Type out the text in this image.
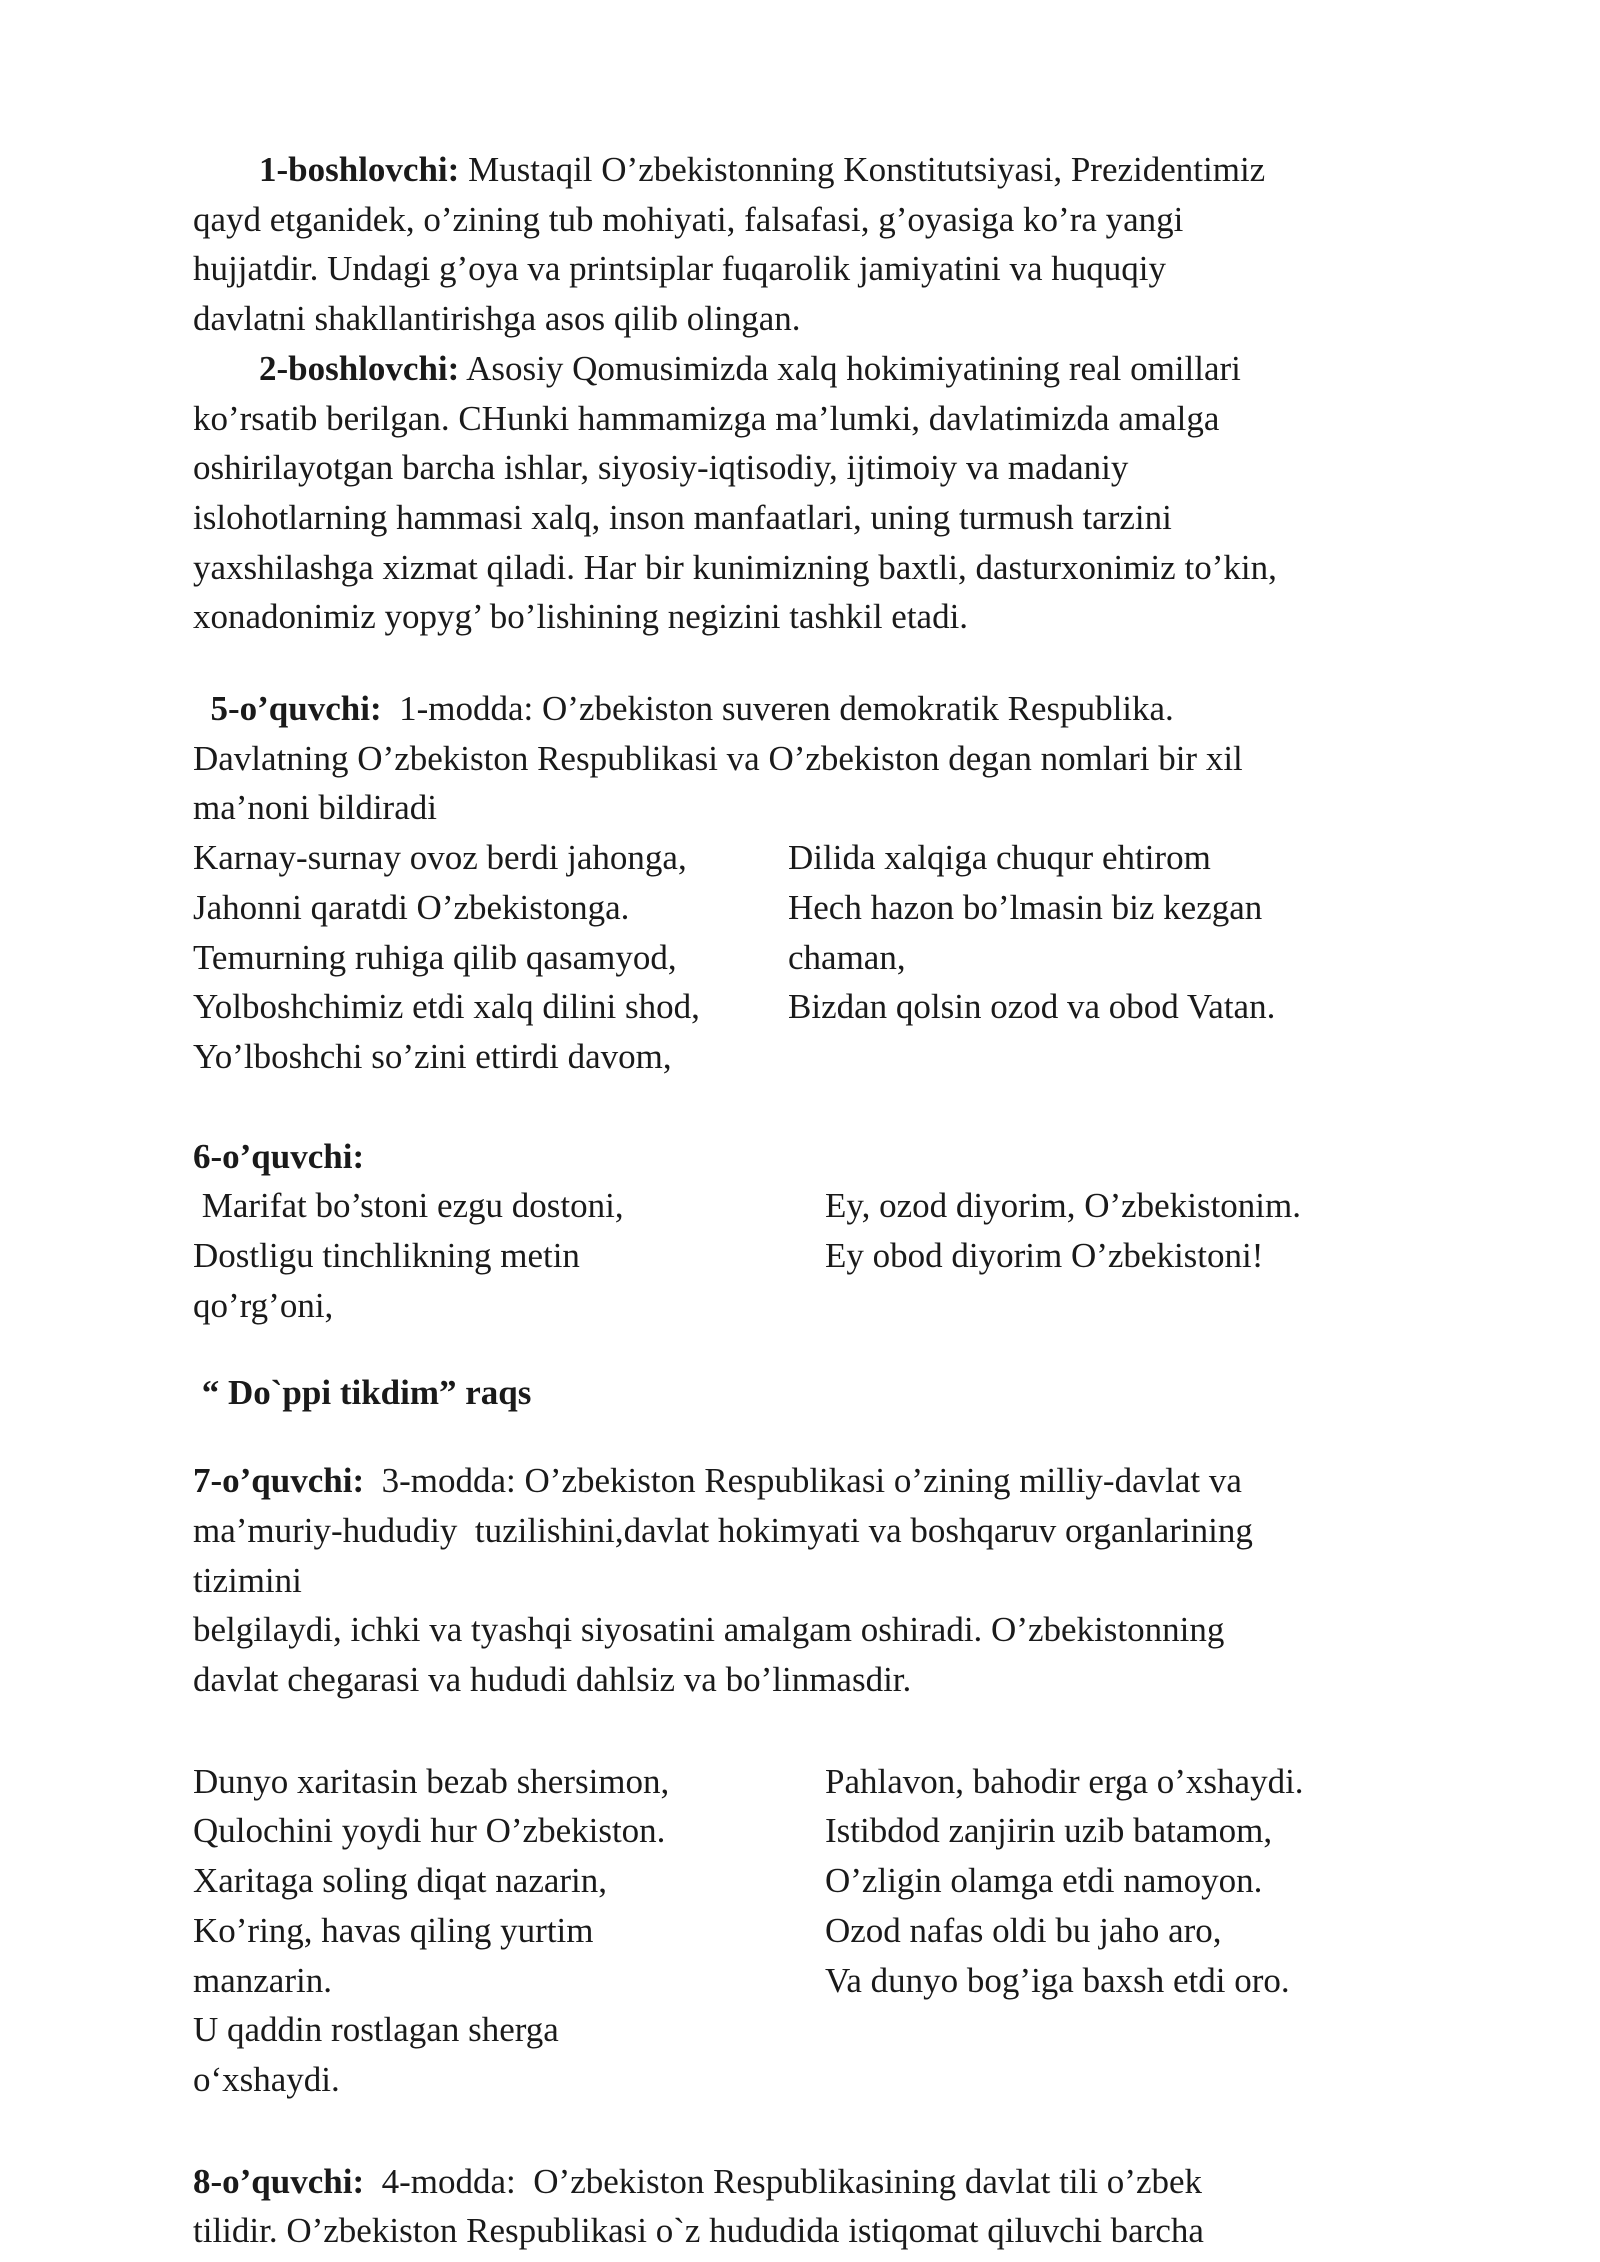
1-boshlovchi: Mustaqil O’zbekistonning Konstitutsiyasi, Prezidentimiz
qayd etganidek, o’zining tub mohiyati, falsafasi, g’oyasiga ko’ra yangi
hujjatdir. Undagi g’oya va printsiplar fuqarolik jamiyatini va huquqiy
davlatni shakllantirishga asos qilib olingan.
2-boshlovchi: Asosiy Qomusimizda xalq hokimiyatining real omillari
ko’rsatib berilgan. CHunki hammamizga ma’lumki, davlatimizda amalga
oshirilayotgan barcha ishlar, siyosiy-iqtisodiy, ijtimoiy va madaniy
islohotlarning hammasi xalq, inson manfaatlari, uning turmush tarzini
yaxshilashga xizmat qiladi. Har bir kunimizning baxtli, dasturxonimiz to’kin,
xonadonimiz yopyg’ bo’lishining negizini tashkil etadi.
5-o’quvchi: 1-modda: O’zbekiston suveren demokratik Respublika.
Davlatning O’zbekiston Respublikasi va O’zbekiston degan nomlari bir xil
ma’noni bildiradi
Karnay-surnay ovoz berdi jahonga,
Jahonni qaratdi O’zbekistonga.
Temurning ruhiga qilib qasamyod,
Yolboshchimiz etdi xalq dilini shod,
Yo’lboshchi so’zini ettirdi davom,
Dilida xalqiga chuqur ehtirom
Hech hazon bo’lmasin biz kezgan
chaman,
Bizdan qolsin ozod va obod Vatan.
6-o’quvchi:
Marifat bo’stoni ezgu dostoni,
Dostligu tinchlikning metin
qo’rg’oni,
Ey, ozod diyorim, O’zbekistonim.
Ey obod diyorim O’zbekistoni!
“ Do`ppi tikdim” raqs
7-o’quvchi: 3-modda: O’zbekiston Respublikasi o’zining milliy-davlat va
ma’muriy-hududiy  tuzilishini,davlat hokimyati va boshqaruv organlarining
tizimini
belgilaydi, ichki va tyashqi siyosatini amalgam oshiradi. O’zbekistonning
davlat chegarasi va hududi dahlsiz va bo’linmasdir.
Dunyo xaritasin bezab shersimon,
Qulochini yoydi hur O’zbekiston.
Xaritaga soling diqat nazarin,
Ko’ring, havas qiling yurtim
manzarin.
U qaddin rostlagan sherga
o‘xshaydi.
Pahlavon, bahodir erga o’xshaydi.
Istibdod zanjirin uzib batamom,
O’zligin olamga etdi namoyon.
Ozod nafas oldi bu jaho aro,
Va dunyo bog’iga baxsh etdi oro.
8-o’quvchi: 4-modda:  O’zbekiston Respublikasining davlat tili o’zbek
tilidir. O’zbekiston Respublikasi o`z hududida istiqomat qiluvchi barcha
